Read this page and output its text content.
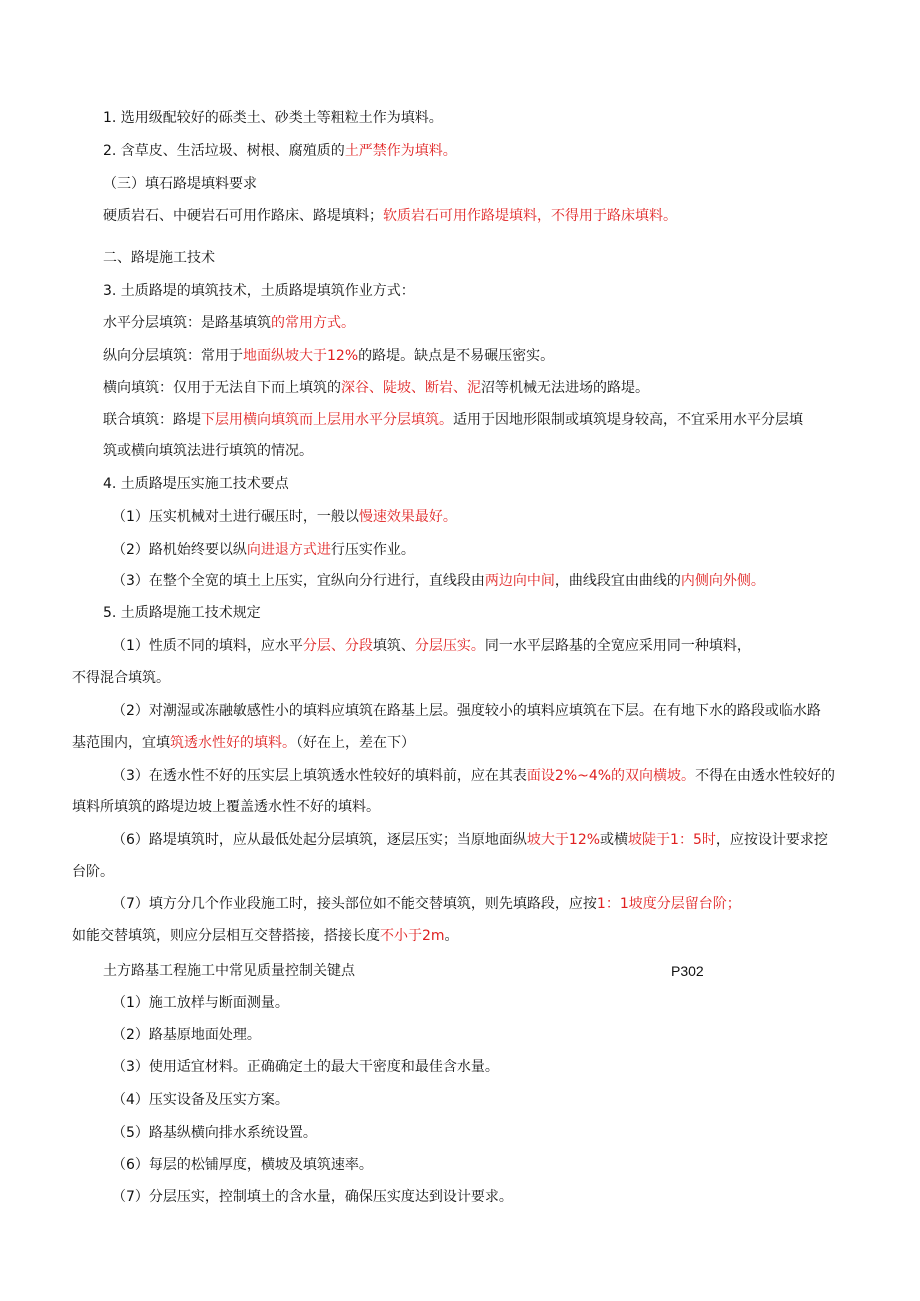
1. 选用级配较好的砾类土、砂类土等粗粒土作为填料。
2. 含草皮、生活垃圾、树根、腐殖质的土严禁作为填料。
（三）填石路堤填料要求
硬质岩石、中硬岩石可用作路床、路堤填料；软质岩石可用作路堤填料，不得用于路床填料。
二、路堤施工技术
3. 土质路堤的填筑技术，土质路堤填筑作业方式：
水平分层填筑：是路基填筑的常用方式。
纵向分层填筑：常用于地面纵坡大于12%的路堤。缺点是不易碾压密实。
横向填筑：仅用于无法自下而上填筑的深谷、陡坡、断岩、泥沼等机械无法进场的路堤。
联合填筑：路堤下层用横向填筑而上层用水平分层填筑。适用于因地形限制或填筑堤身较高，不宜采用水平分层填
筑或横向填筑法进行填筑的情况。
4. 土质路堤压实施工技术要点
（1）压实机械对土进行碾压时，一般以慢速效果最好。
（2）路机始终要以纵向进退方式进行压实作业。
（3）在整个全宽的填土上压实，宜纵向分行进行，直线段由两边向中间，曲线段宜由曲线的内侧向外侧。
5. 土质路堤施工技术规定
（1）性质不同的填料，应水平分层、分段填筑、分层压实。同一水平层路基的全宽应采用同一种填料，
不得混合填筑。
（2）对潮湿或冻融敏感性小的填料应填筑在路基上层。强度较小的填料应填筑在下层。在有地下水的路段或临水路
基范围内，宜填筑透水性好的填料。（好在上，差在下）
（3）在透水性不好的压实层上填筑透水性较好的填料前，应在其表面设2%~4%的双向横坡。不得在由透水性较好的
填料所填筑的路堤边坡上覆盖透水性不好的填料。
（6）路堤填筑时，应从最低处起分层填筑，逐层压实；当原地面纵坡大于12%或横坡陡于1：5时，应按设计要求挖
台阶。
（7）填方分几个作业段施工时，接头部位如不能交替填筑，则先填路段，应按1：1坡度分层留台阶；
如能交替填筑，则应分层相互交替搭接，搭接长度不小于2m。
土方路基工程施工中常见质量控制关键点	P302
（1）施工放样与断面测量。
（2）路基原地面处理。
（3）使用适宜材料。正确确定土的最大干密度和最佳含水量。
（4）压实设备及压实方案。
（5）路基纵横向排水系统设置。
（6）每层的松铺厚度，横坡及填筑速率。
（7）分层压实，控制填土的含水量，确保压实度达到设计要求。
